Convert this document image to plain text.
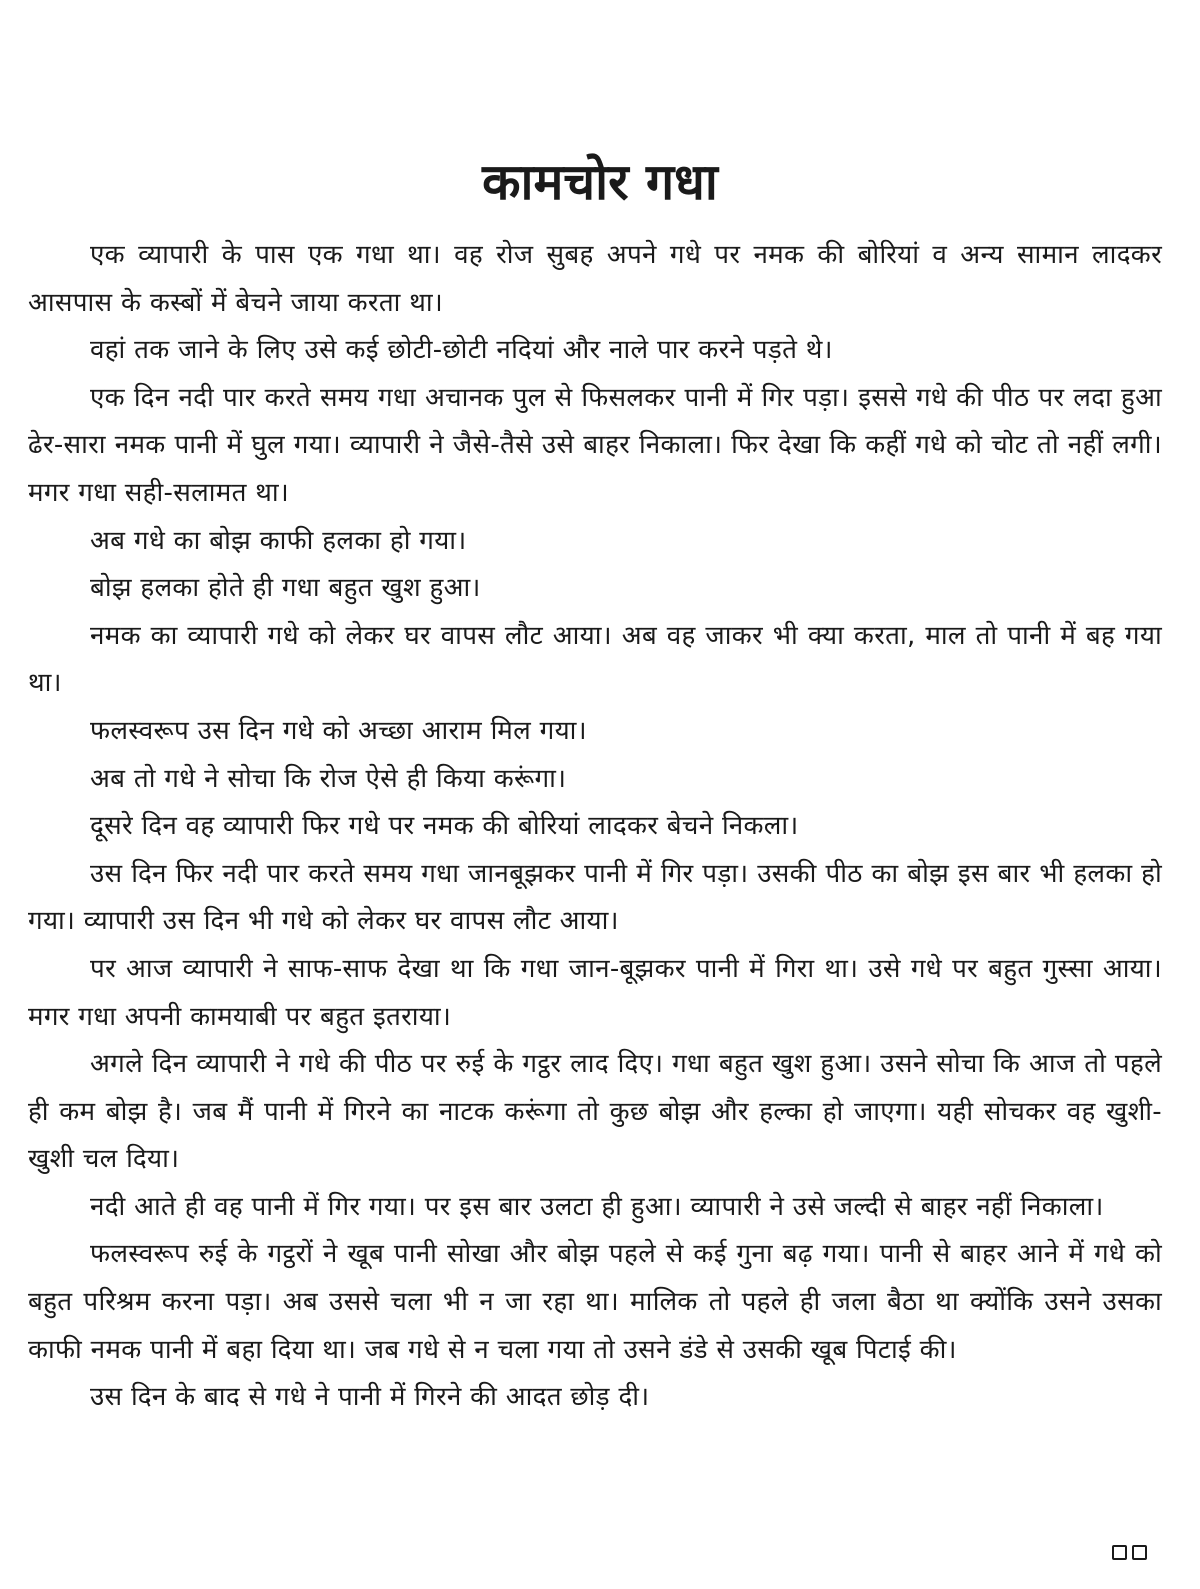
कामचोर गधा

एक व्यापारी के पास एक गधा था। वह रोज सुबह अपने गधे पर नमक की बोरियां व अन्य सामान लादकर आसपास के कस्बों में बेचने जाया करता था।

वहां तक जाने के लिए उसे कई छोटी-छोटी नदियां और नाले पार करने पड़ते थे।

एक दिन नदी पार करते समय गधा अचानक पुल से फिसलकर पानी में गिर पड़ा। इससे गधे की पीठ पर लदा हुआ ढेर-सारा नमक पानी में घुल गया। व्यापारी ने जैसे-तैसे उसे बाहर निकाला। फिर देखा कि कहीं गधे को चोट तो नहीं लगी। मगर गधा सही-सलामत था।

अब गधे का बोझ काफी हलका हो गया।

बोझ हलका होते ही गधा बहुत खुश हुआ।

नमक का व्यापारी गधे को लेकर घर वापस लौट आया। अब वह जाकर भी क्या करता, माल तो पानी में बह गया था।

फलस्वरूप उस दिन गधे को अच्छा आराम मिल गया।

अब तो गधे ने सोचा कि रोज ऐसे ही किया करूंगा।

दूसरे दिन वह व्यापारी फिर गधे पर नमक की बोरियां लादकर बेचने निकला।

उस दिन फिर नदी पार करते समय गधा जानबूझकर पानी में गिर पड़ा। उसकी पीठ का बोझ इस बार भी हलका हो गया। व्यापारी उस दिन भी गधे को लेकर घर वापस लौट आया।

पर आज व्यापारी ने साफ-साफ देखा था कि गधा जान-बूझकर पानी में गिरा था। उसे गधे पर बहुत गुस्सा आया। मगर गधा अपनी कामयाबी पर बहुत इतराया।

अगले दिन व्यापारी ने गधे की पीठ पर रुई के गट्ठर लाद दिए। गधा बहुत खुश हुआ। उसने सोचा कि आज तो पहले ही कम बोझ है। जब मैं पानी में गिरने का नाटक करूंगा तो कुछ बोझ और हल्का हो जाएगा। यही सोचकर वह खुशी-खुशी चल दिया।

नदी आते ही वह पानी में गिर गया। पर इस बार उलटा ही हुआ। व्यापारी ने उसे जल्दी से बाहर नहीं निकाला।

फलस्वरूप रुई के गट्ठरों ने खूब पानी सोखा और बोझ पहले से कई गुना बढ़ गया। पानी से बाहर आने में गधे को बहुत परिश्रम करना पड़ा। अब उससे चला भी न जा रहा था। मालिक तो पहले ही जला बैठा था क्योंकि उसने उसका काफी नमक पानी में बहा दिया था। जब गधे से न चला गया तो उसने डंडे से उसकी खूब पिटाई की।

उस दिन के बाद से गधे ने पानी में गिरने की आदत छोड़ दी।
